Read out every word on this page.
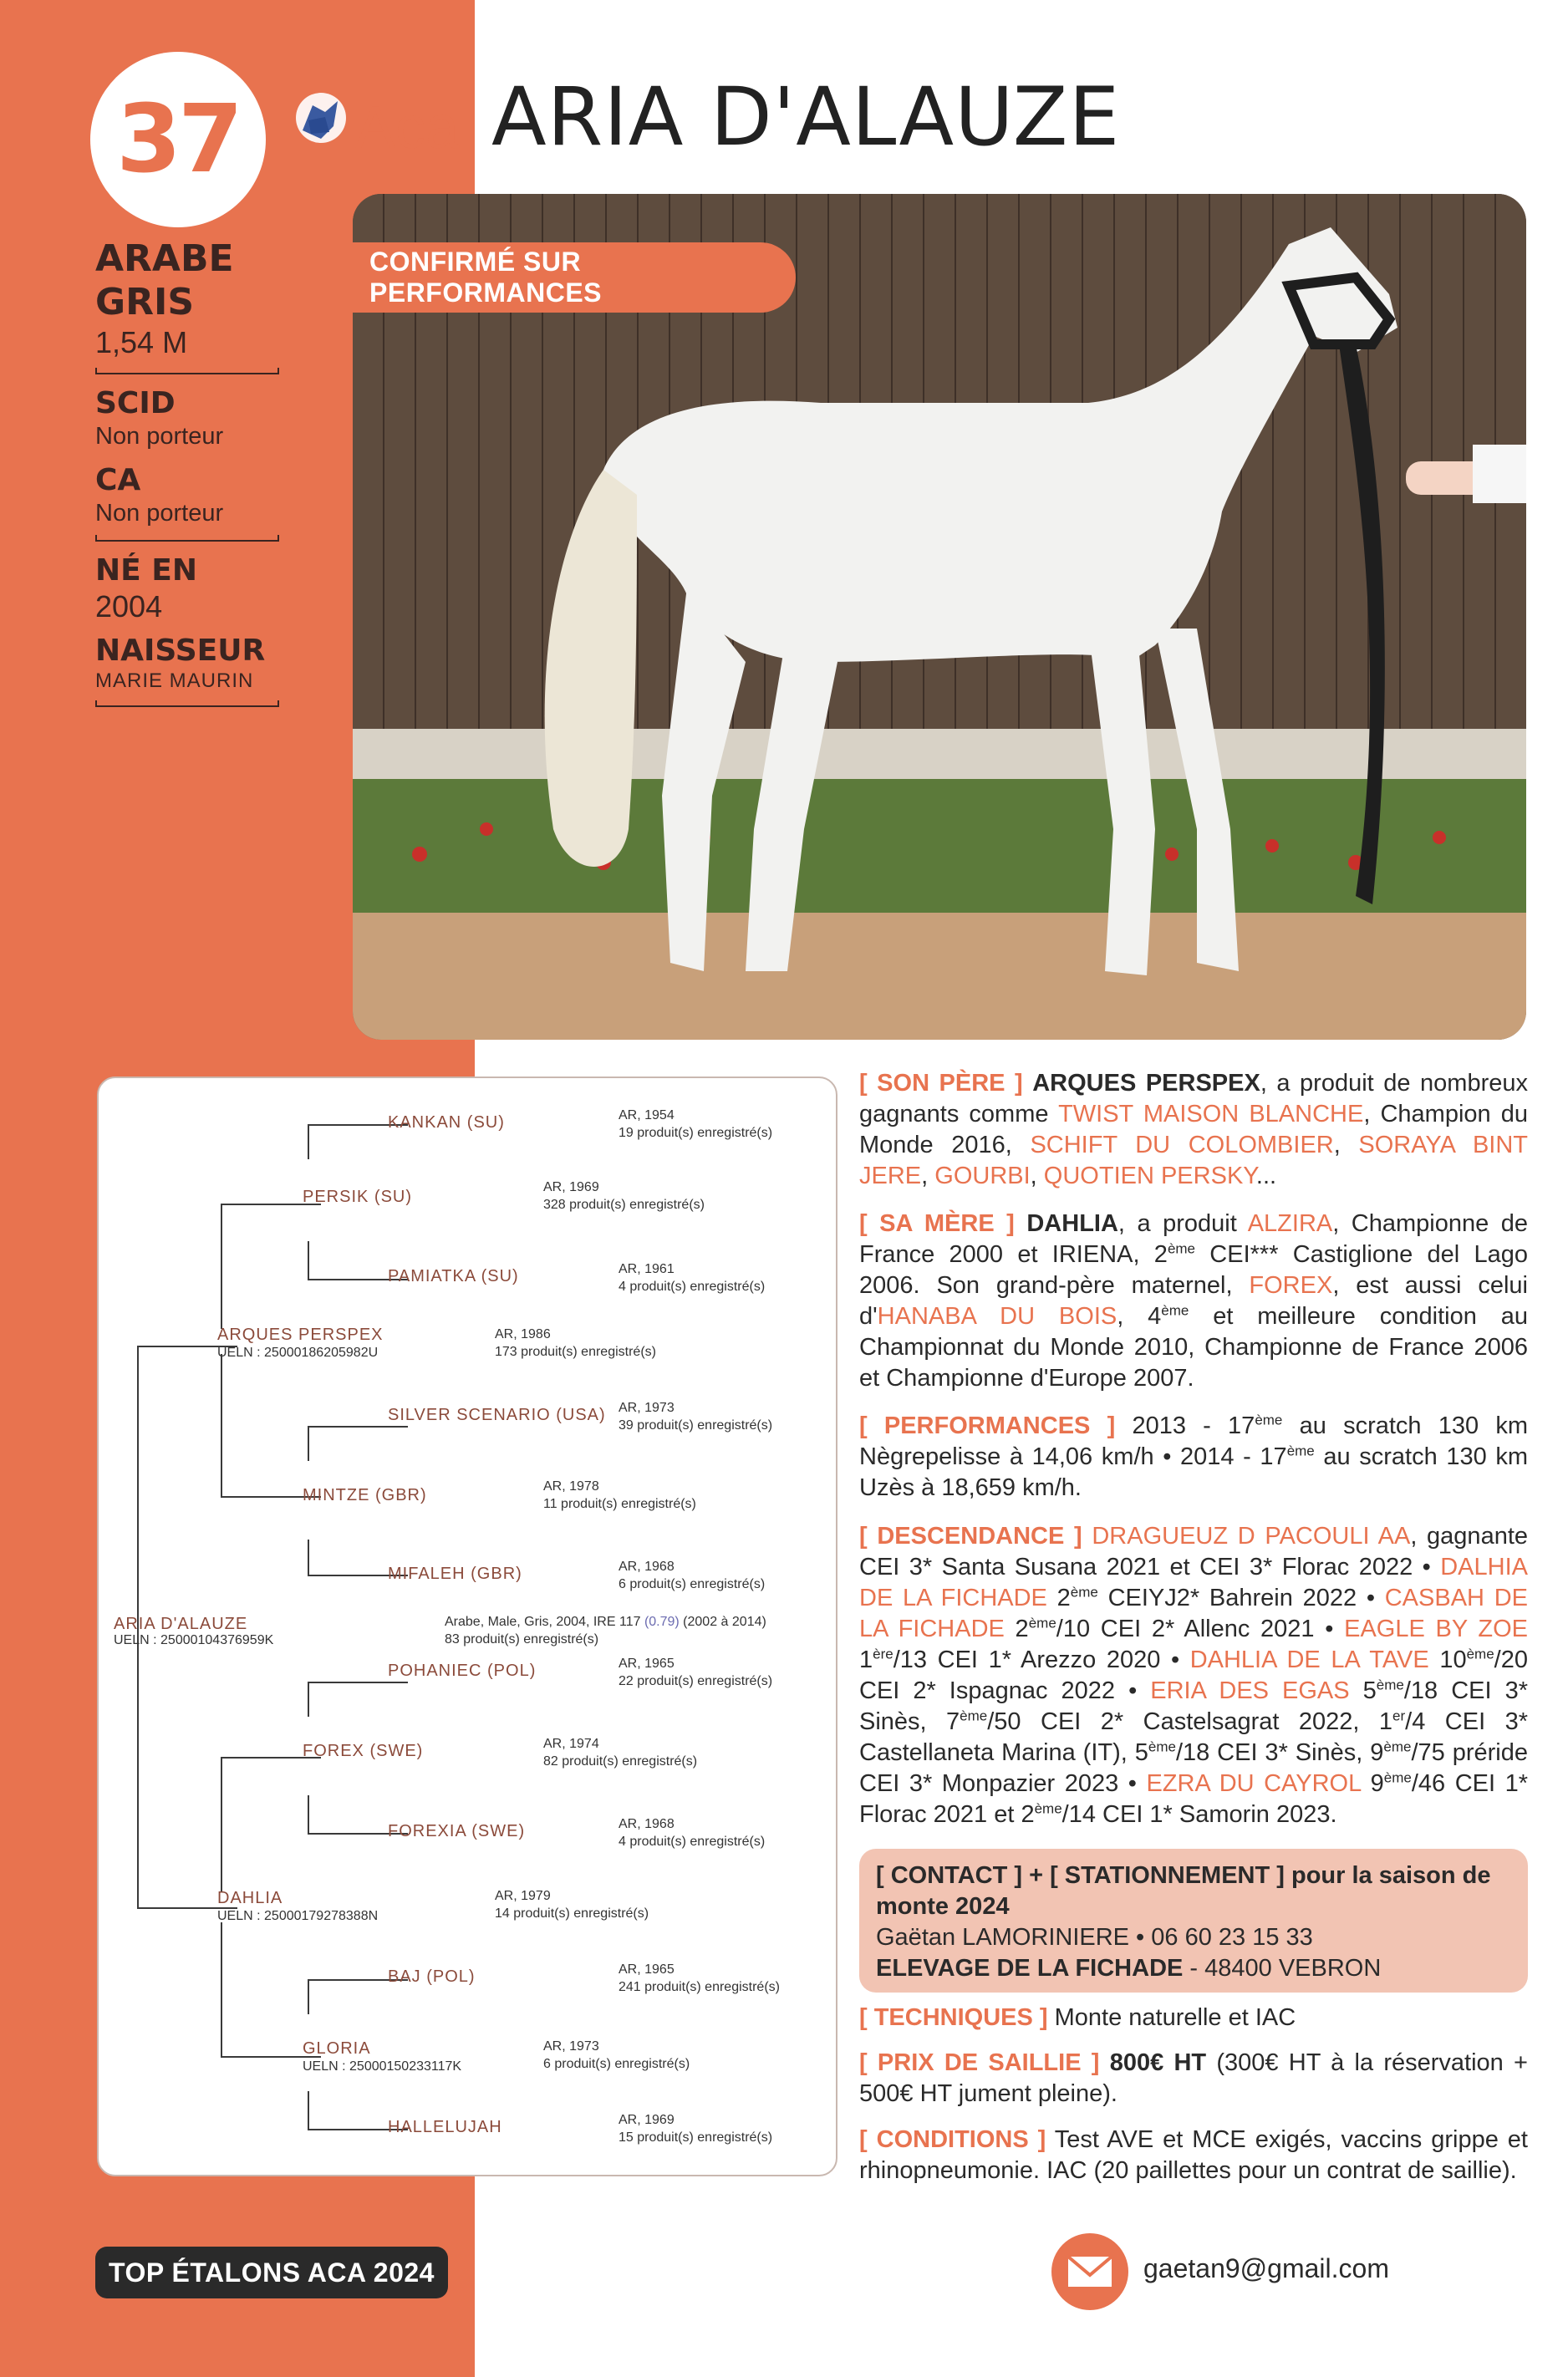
37 Aca ARIA D'ALAUZE
ARABE
GRIS
1,54 M
SCID
Non porteur
CA
Non porteur
NÉ EN
2004
NAISSEUR
MARIE MAURIN
CONFIRMÉ SUR PERFORMANCES
KANKAN (SU)	AR, 1954
19 produit(s) enregistré(s)
PERSIK (SU)
AR, 1969
328 produit(s) enregistré(s)
PAMIATKA (SU)	AR, 1961
4 produit(s) enregistré(s)
ARQUES PERSPEX
UELN : 25000186205982U
AR, 1986
173 produit(s) enregistré(s)
SILVER SCENARIO (USA) AR, 1973
39 produit(s) enregistré(s)
MINTZE (GBR)	AR, 1978
11 produit(s) enregistré(s)
MIFALEH (GBR)	AR, 1968
6 produit(s) enregistré(s)
ARIA D'ALAUZE
UELN : 25000104376959K
Arabe, Male, Gris, 2004, IRE 117 (0.79) (2002 à 2014)
83 produit(s) enregistré(s)
POHANIEC (POL)	AR, 1965
22 produit(s) enregistré(s)
FOREX (SWE)	AR, 1974
82 produit(s) enregistré(s)
FOREXIA (SWE)	AR, 1968
4 produit(s) enregistré(s)
DAHLIA
UELN : 25000179278388N
AR, 1979
14 produit(s) enregistré(s)
BAJ (POL)	AR, 1965
241 produit(s) enregistré(s)
GLORIA
UELN : 25000150233117K
AR, 1973
6 produit(s) enregistré(s)
HALLELUJAH	AR, 1969
15 produit(s) enregistré(s)
[ SON PÈRE ] ARQUES PERSPEX, a produit de nombreux gagnants comme TWIST MAISON BLANCHE, Champion du Monde 2016, SCHIFT DU COLOMBIER, SORAYA BINT JERE, GOURBI, QUOTIEN PERSKY...
[ SA MÈRE ] DAHLIA, a produit ALZIRA, Championne de France 2000 et IRIENA, 2ème CEI*** Castiglione del Lago 2006. Son grand-père maternel, FOREX, est aussi celui d'HANABA DU BOIS, 4ème et meilleure condition au Championnat du Monde 2010, Championne de France 2006 et Championne d'Europe 2007.
[ PERFORMANCES ] 2013 - 17ème au scratch 130 km Nègrepelisse à 14,06 km/h • 2014 - 17ème au scratch 130 km Uzès à 18,659 km/h.
[ DESCENDANCE ] DRAGUEUZ D PACOULI AA, gagnante CEI 3* Santa Susana 2021 et CEI 3* Florac 2022 • DALHIA DE LA FICHADE 2ème CEIYJ2* Bahrein 2022 • CASBAH DE LA FICHADE 2ème/10 CEI 2* Allenc 2021 • EAGLE BY ZOE 1ère/13 CEI 1* Arezzo 2020 • DAHLIA DE LA TAVE 10ème/20 CEI 2* Ispagnac 2022 • ERIA DES EGAS 5ème/18 CEI 3* Sinès, 7ème/50 CEI 2* Castelsagrat 2022, 1er/4 CEI 3* Castellaneta Marina (IT), 5ème/18 CEI 3* Sinès, 9ème/75 préride CEI 3* Monpazier 2023 • EZRA DU CAYROL 9ème/46 CEI 1* Florac 2021 et 2ème/14 CEI 1* Samorin 2023.
[ CONTACT ] + [ STATIONNEMENT ] pour la saison de monte 2024
Gaëtan LAMORINIERE • 06 60 23 15 33
ELEVAGE DE LA FICHADE - 48400 VEBRON
[ TECHNIQUES ] Monte naturelle et IAC
[ PRIX DE SAILLIE ] 800€ HT (300€ HT à la réservation + 500€ HT jument pleine).
[ CONDITIONS ] Test AVE et MCE exigés, vaccins grippe et rhinopneumonie. IAC (20 paillettes pour un contrat de saillie).
TOP ÉTALONS ACA 2024	gaetan9@gmail.com
